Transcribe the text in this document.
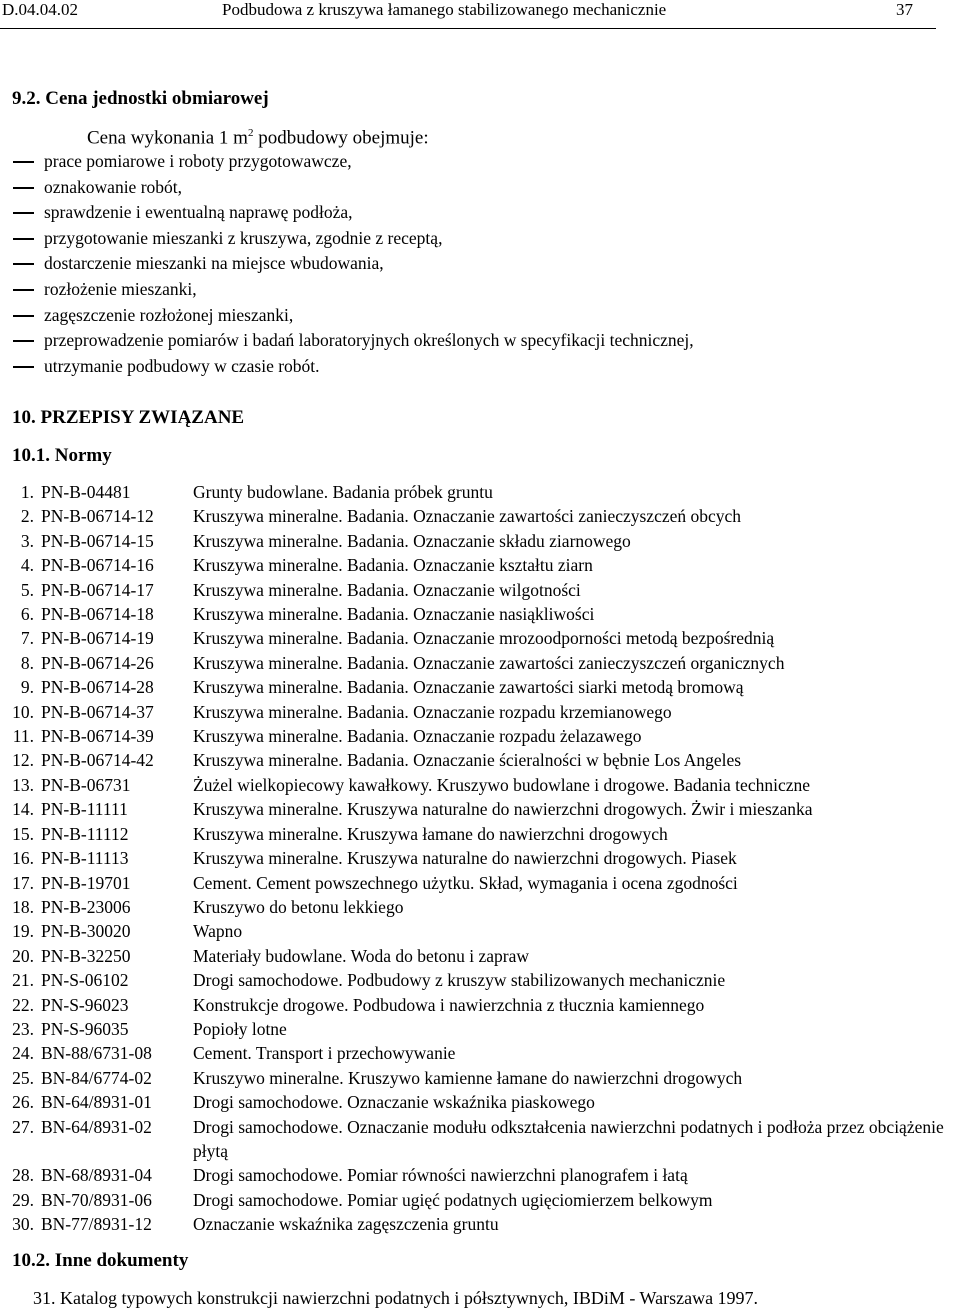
D.04.04.02	Podbudowa z kruszywa łamanego stabilizowanego mechanicznie	37
9.2. Cena jednostki obmiarowej
Cena wykonania 1 $m^2$ podbudowy obejmuje:
prace pomiarowe i roboty przygotowawcze,
oznakowanie robót,
sprawdzenie i ewentualną naprawę podłoża,
przygotowanie mieszanki z kruszywa, zgodnie z receptą,
dostarczenie mieszanki na miejsce wbudowania,
rozłożenie mieszanki,
zagęszczenie rozłożonej mieszanki,
przeprowadzenie pomiarów i badań laboratoryjnych określonych w specyfikacji technicznej,
utrzymanie podbudowy w czasie robót.
10. PRZEPISY ZWIĄZANE
10.1. Normy
1. PN-B-04481	Grunty budowlane. Badania próbek gruntu
2. PN-B-06714-12 Kruszywa mineralne. Badania. Oznaczanie zawartości zanieczyszczeń obcych
3. PN-B-06714-15 Kruszywa mineralne. Badania. Oznaczanie składu ziarnowego
4. PN-B-06714-16 Kruszywa mineralne. Badania. Oznaczanie kształtu ziarn
5. PN-B-06714-17 Kruszywa mineralne. Badania. Oznaczanie wilgotności
6. PN-B-06714-18 Kruszywa mineralne. Badania. Oznaczanie nasiąkliwości
7. PN-B-06714-19 Kruszywa mineralne. Badania. Oznaczanie mrozoodporności metodą bezpośrednią
8. PN-B-06714-26 Kruszywa mineralne. Badania. Oznaczanie zawartości zanieczyszczeń organicznych
9. PN-B-06714-28 Kruszywa mineralne. Badania. Oznaczanie zawartości siarki metodą bromową
10. PN-B-06714-37 Kruszywa mineralne. Badania. Oznaczanie rozpadu krzemianowego
11. PN-B-06714-39 Kruszywa mineralne. Badania. Oznaczanie rozpadu żelazawego
12. PN-B-06714-42 Kruszywa mineralne. Badania. Oznaczanie ścieralności w bębnie Los Angeles
13. PN-B-06731	Żużel wielkopiecowy kawałkowy. Kruszywo budowlane i drogowe. Badania techniczne
14. PN-B-11111	Kruszywa mineralne. Kruszywa naturalne do nawierzchni drogowych. Żwir i mieszanka
15. PN-B-11112	Kruszywa mineralne. Kruszywa łamane do nawierzchni drogowych
16. PN-B-11113	Kruszywa mineralne. Kruszywa naturalne do nawierzchni drogowych. Piasek
17. PN-B-19701	Cement. Cement powszechnego użytku. Skład, wymagania i ocena zgodności
18. PN-B-23006	Kruszywo do betonu lekkiego
19. PN-B-30020	Wapno
20. PN-B-32250	Materiały budowlane. Woda do betonu i zapraw
21. PN-S-06102	Drogi samochodowe. Podbudowy z kruszyw stabilizowanych mechanicznie
22. PN-S-96023	Konstrukcje drogowe. Podbudowa i nawierzchnia z tłucznia kamiennego
23. PN-S-96035	Popioły lotne
24. BN-88/6731-08 Cement. Transport i przechowywanie
25. BN-84/6774-02 Kruszywo mineralne. Kruszywo kamienne łamane do nawierzchni drogowych
26. BN-64/8931-01 Drogi samochodowe. Oznaczanie wskaźnika piaskowego
27. BN-64/8931-02 Drogi samochodowe. Oznaczanie modułu odkształcenia nawierzchni podatnych i podłoża przez obciążenie płytą
28. BN-68/8931-04 Drogi samochodowe. Pomiar równości nawierzchni planografem i łatą
29. BN-70/8931-06 Drogi samochodowe. Pomiar ugięć podatnych ugięciomierzem belkowym
30. BN-77/8931-12 Oznaczanie wskaźnika zagęszczenia gruntu
10.2. Inne dokumenty
31. Katalog typowych konstrukcji nawierzchni podatnych i półsztywnych, IBDiM - Warszawa 1997.
